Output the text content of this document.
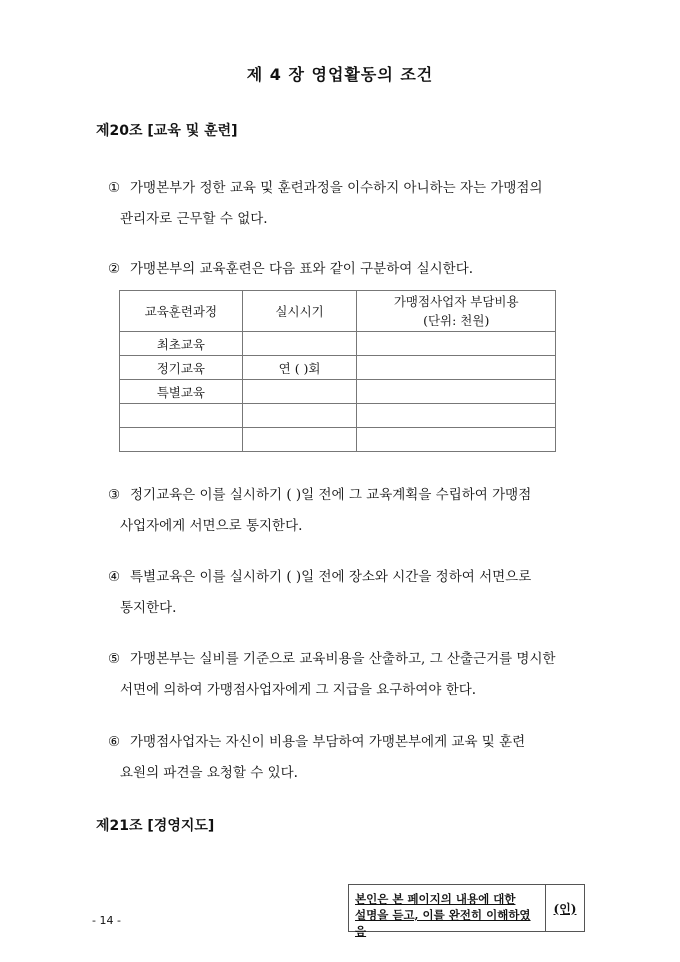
제 4 장 영업활동의 조건
제20조 [교육 및 훈련]
① 가맹본부가 정한 교육 및 훈련과정을 이수하지 아니하는 자는 가맹점의
관리자로 근무할 수 없다.
② 가맹본부의 교육훈련은 다음 표와 같이 구분하여 실시한다.
교육훈련과정	실시시기	가맹점사업자 부담비용
(단위: 천원)

최초교육		
정기교육	연 ( )회	
특별교육		

③ 정기교육은 이를 실시하기 ( )일 전에 그 교육계획을 수립하여 가맹점
사업자에게 서면으로 통지한다.
④ 특별교육은 이를 실시하기 ( )일 전에 장소와 시간을 정하여 서면으로
통지한다.
⑤ 가맹본부는 실비를 기준으로 교육비용을 산출하고, 그 산출근거를 명시한
서면에 의하여 가맹점사업자에게 그 지급을 요구하여야 한다.
⑥ 가맹점사업자는 자신이 비용을 부담하여 가맹본부에게 교육 및 훈련
요원의 파견을 요청할 수 있다.
제21조 [경영지도]
본인은 본 페이지의 내용에 대한
설명을 듣고, 이를 완전히 이해하였음
(인)
- 14 -
